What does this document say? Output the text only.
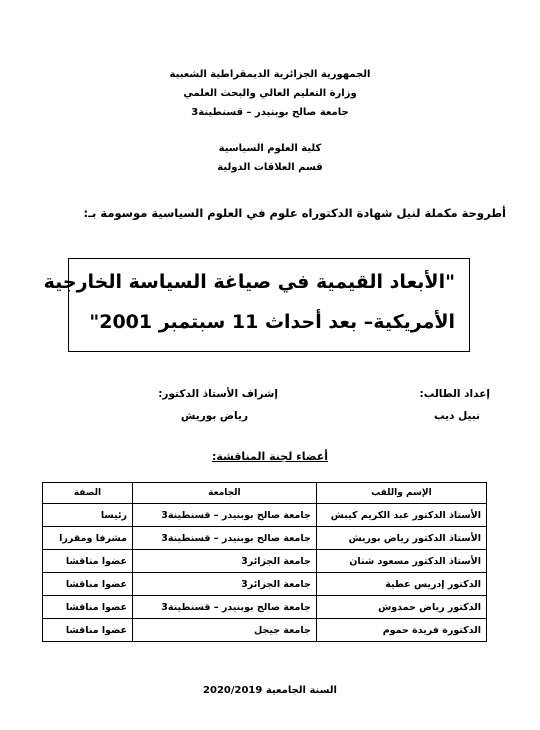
الجمهورية الجزائرية الديمقراطية الشعبية
وزارة التعليم العالي والبحث العلمي
جامعة صالح بوبنيدر – قسنطينة3
كلية العلوم السياسية
قسم العلاقات الدولية
أطروحة مكملة لنيل شهادة الدكتوراه علوم في العلوم السياسية موسومة بـ:
"الأبعاد القيمية في صياغة السياسة الخارجية
الأمريكية– بعد أحداث 11 سبتمبر 2001"
إعداد الطالب:
نبيل ديب
إشراف الأستاذ الدكتور:
رياض بوريش
أعضاء لجنة المناقشة:
الإسم واللقب	الجامعة	الصفة
الأستاذ الدكتور عبد الكريم كيبش	جامعة صالح بوبنيدر – قسنطينة3	رئيسا
الأستاذ الدكتور رياض بوريش	جامعة صالح بوبنيدر – قسنطينة3	مشرفا ومقررا
الأستاذ الدكتور مسعود شنان	جامعة الجزائر3	عضوا مناقشا
الدكتور إدريس عطية	جامعة الجزائر3	عضوا مناقشا
الدكتور رياض حمدوش	جامعة صالح بوبنيدر – قسنطينة3	عضوا مناقشا
الدكتورة فريدة حموم	جامعة جيجل	عضوا مناقشا
السنة الجامعية 2020/2019
